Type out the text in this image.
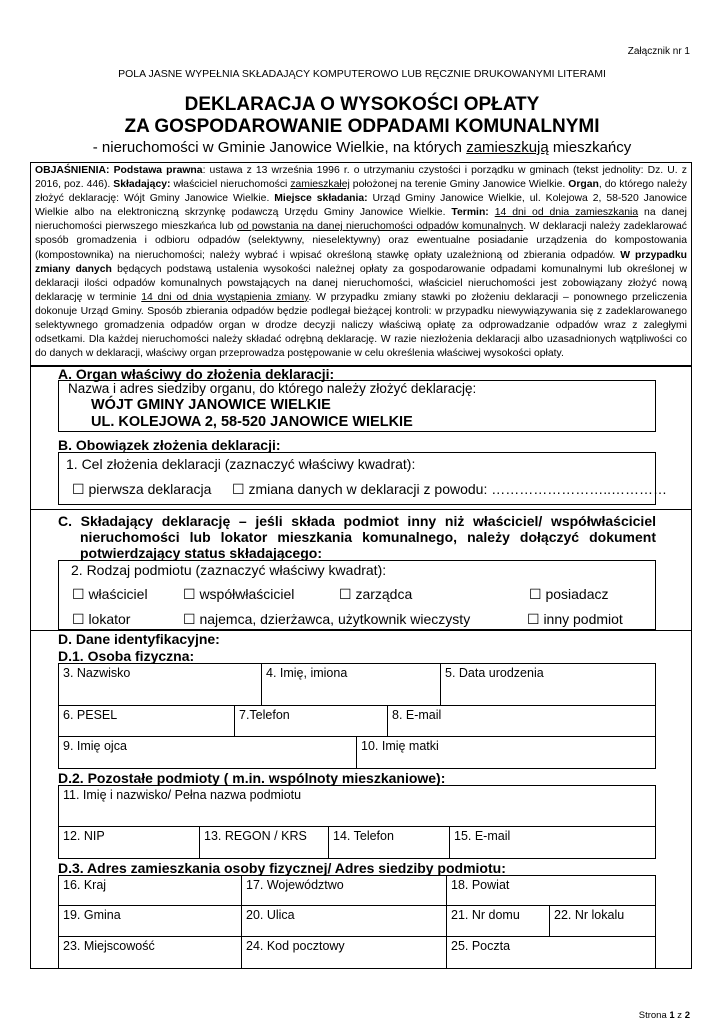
Załącznik nr 1
POLA JASNE WYPEŁNIA SKŁADAJĄCY KOMPUTEROWO LUB RĘCZNIE DRUKOWANYMI LITERAMI
DEKLARACJA O WYSOKOŚCI OPŁATY
ZA GOSPODAROWANIE ODPADAMI KOMUNALNYMI
- nieruchomości w Gminie Janowice Wielkie, na których zamieszkują mieszkańcy
OBJAŚNIENIA: Podstawa prawna: ustawa z 13 września 1996 r. o utrzymaniu czystości i porządku w gminach (tekst jednolity: Dz. U. z 2016, poz. 446). Składający: właściciel nieruchomości zamieszkałej położonej na terenie Gminy Janowice Wielkie. Organ, do którego należy złożyć deklarację: Wójt Gminy Janowice Wielkie. Miejsce składania: Urząd Gminy Janowice Wielkie, ul. Kolejowa 2, 58-520 Janowice Wielkie albo na elektroniczną skrzynkę podawczą Urzędu Gminy Janowice Wielkie. Termin: 14 dni od dnia zamieszkania na danej nieruchomości pierwszego mieszkańca lub od powstania na danej nieruchomości odpadów komunalnych. W deklaracji należy zadeklarować sposób gromadzenia i odbioru odpadów (selektywny, nieselektywny) oraz ewentualne posiadanie urządzenia do kompostowania (kompostownika) na nieruchomości; należy wybrać i wpisać określoną stawkę opłaty uzależnioną od zbierania odpadów. W przypadku zmiany danych będących podstawą ustalenia wysokości należnej opłaty za gospodarowanie odpadami komunalnymi lub określonej w deklaracji ilości odpadów komunalnych powstających na danej nieruchomości, właściciel nieruchomości jest zobowiązany złożyć nową deklarację w terminie 14 dni od dnia wystąpienia zmiany. W przypadku zmiany stawki po złożeniu deklaracji – ponownego przeliczenia dokonuje Urząd Gminy. Sposób zbierania odpadów będzie podlegał bieżącej kontroli: w przypadku niewywiązywania się z zadeklarowanego selektywnego gromadzenia odpadów organ w drodze decyzji naliczy właściwą opłatę za odprowadzanie odpadów wraz z zaległymi odsetkami. Dla każdej nieruchomości należy składać odrębną deklarację. W razie niezłożenia deklaracji albo uzasadnionych wątpliwości co do danych w deklaracji, właściwy organ przeprowadza postępowanie w celu określenia właściwej wysokości opłaty.
A. Organ właściwy do złożenia deklaracji:
Nazwa i adres siedziby organu, do którego należy złożyć deklarację:
WÓJT GMINY JANOWICE WIELKIE
UL. KOLEJOWA 2, 58-520 JANOWICE WIELKIE
B. Obowiązek złożenia deklaracji:
1. Cel złożenia deklaracji (zaznaczyć właściwy kwadrat):
☐ pierwsza deklaracja ☐ zmiana danych w deklaracji z powodu: ……………………..…………
C. Składający deklarację – jeśli składa podmiot inny niż właściciel/ współwłaściciel
nieruchomości lub lokator mieszkania komunalnego, należy dołączyć dokument
potwierdzający status składającego:
2. Rodzaj podmiotu (zaznaczyć właściwy kwadrat):
☐ właściciel	☐ współwłaściciel	☐ zarządca	☐ posiadacz
☐ lokator	☐ najemca, dzierżawca, użytkownik wieczysty	☐ inny podmiot
D. Dane identyfikacyjne:
D.1. Osoba fizyczna:
3. Nazwisko	4. Imię, imiona	5. Data urodzenia
6. PESEL	7.Telefon	8. E-mail
9. Imię ojca	10. Imię matki
D.2. Pozostałe podmioty ( m.in. wspólnoty mieszkaniowe):
11. Imię i nazwisko/ Pełna nazwa podmiotu
12. NIP	13. REGON / KRS	14. Telefon	15. E-mail
D.3. Adres zamieszkania osoby fizycznej/ Adres siedziby podmiotu:
16. Kraj	17. Województwo	18. Powiat
19. Gmina	20. Ulica	21. Nr domu	22. Nr lokalu
23. Miejscowość	24. Kod pocztowy	25. Poczta
Strona 1 z 2
